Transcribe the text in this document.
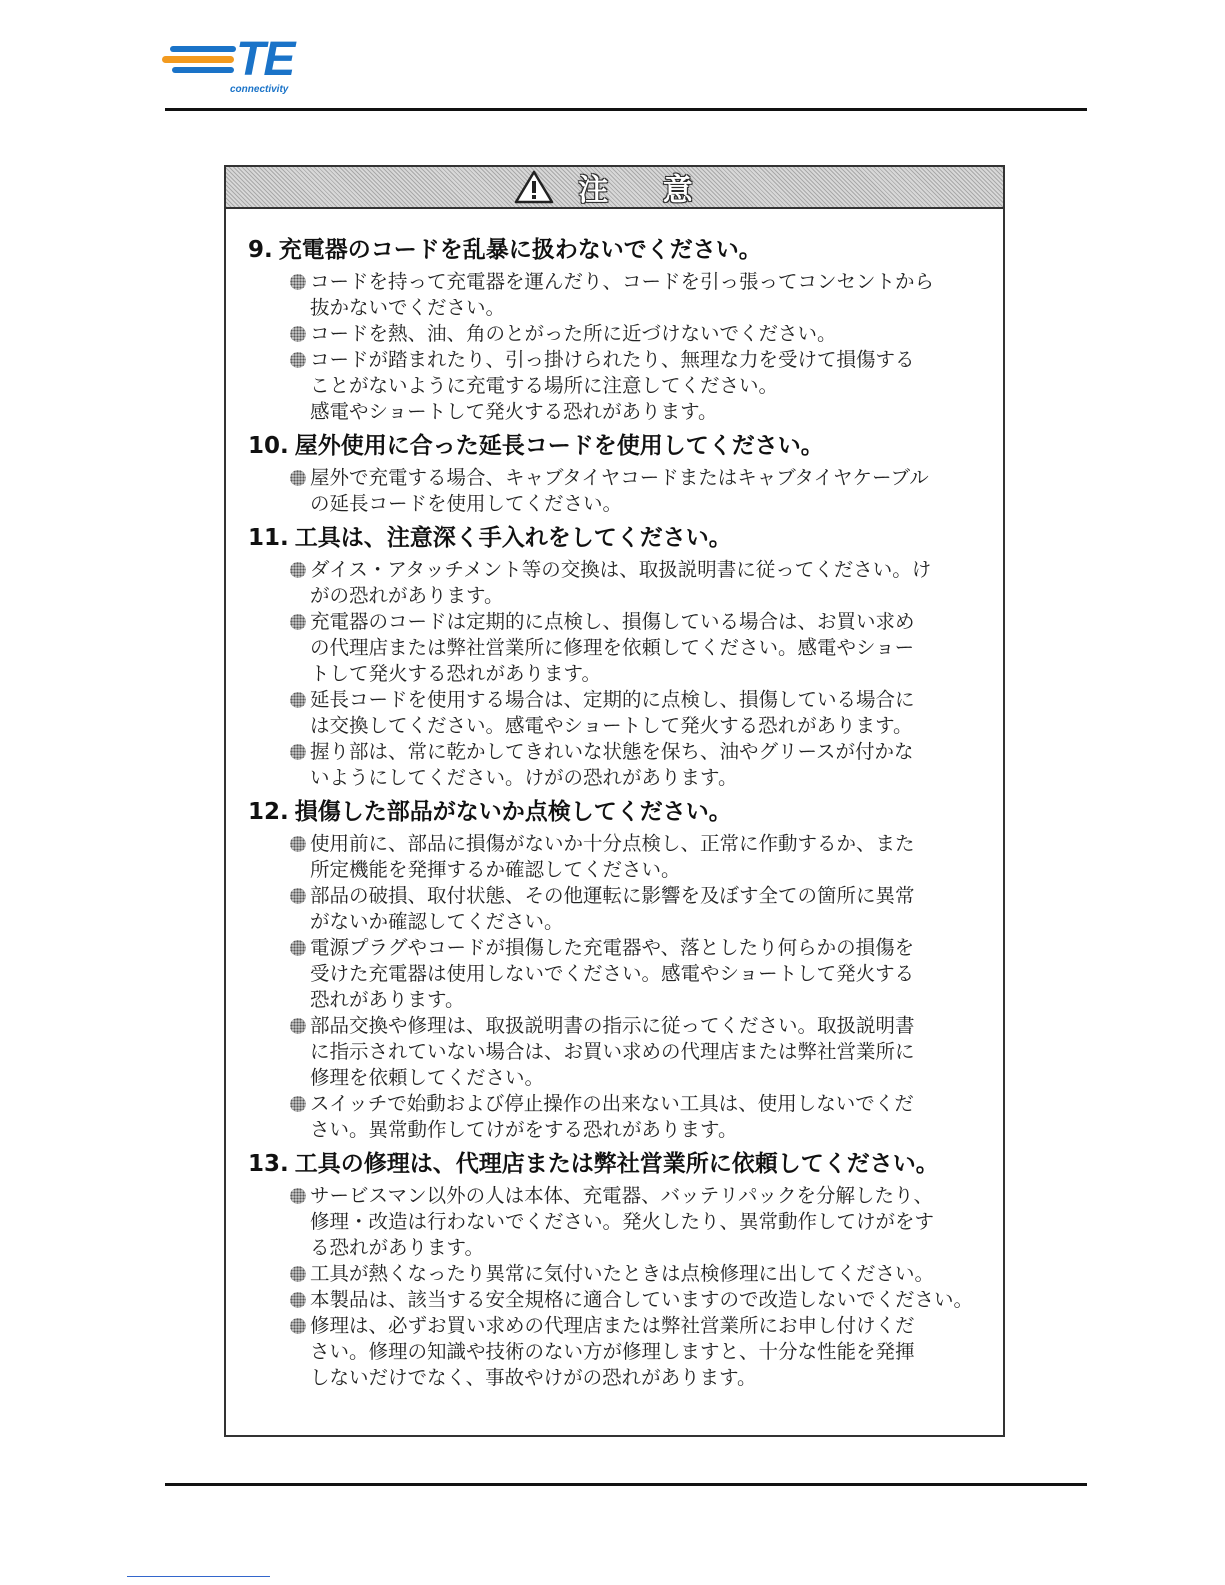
TE
connectivity
注 意
9. 充電器のコードを乱暴に扱わないでください。
コードを持って充電器を運んだり、コードを引っ張ってコンセントから
抜かないでください。
コードを熱、油、角のとがった所に近づけないでください。
コードが踏まれたり、引っ掛けられたり、無理な力を受けて損傷する
ことがないように充電する場所に注意してください。
感電やショートして発火する恐れがあります。
10. 屋外使用に合った延長コードを使用してください。
屋外で充電する場合、キャブタイヤコードまたはキャブタイヤケーブル
の延長コードを使用してください。
11. 工具は、注意深く手入れをしてください。
ダイス・アタッチメント等の交換は、取扱説明書に従ってください。け
がの恐れがあります。
充電器のコードは定期的に点検し、損傷している場合は、お買い求め
の代理店または弊社営業所に修理を依頼してください。感電やショー
トして発火する恐れがあります。
延長コードを使用する場合は、定期的に点検し、損傷している場合に
は交換してください。感電やショートして発火する恐れがあります。
握り部は、常に乾かしてきれいな状態を保ち、油やグリースが付かな
いようにしてください。けがの恐れがあります。
12. 損傷した部品がないか点検してください。
使用前に、部品に損傷がないか十分点検し、正常に作動するか、また
所定機能を発揮するか確認してください。
部品の破損、取付状態、その他運転に影響を及ぼす全ての箇所に異常
がないか確認してください。
電源プラグやコードが損傷した充電器や、落としたり何らかの損傷を
受けた充電器は使用しないでください。感電やショートして発火する
恐れがあります。
部品交換や修理は、取扱説明書の指示に従ってください。取扱説明書
に指示されていない場合は、お買い求めの代理店または弊社営業所に
修理を依頼してください。
スイッチで始動および停止操作の出来ない工具は、使用しないでくだ
さい。異常動作してけがをする恐れがあります。
13. 工具の修理は、代理店または弊社営業所に依頼してください。
サービスマン以外の人は本体、充電器、バッテリパックを分解したり、
修理・改造は行わないでください。発火したり、異常動作してけがをす
る恐れがあります。
工具が熱くなったり異常に気付いたときは点検修理に出してください。
本製品は、該当する安全規格に適合していますので改造しないでください。
修理は、必ずお買い求めの代理店または弊社営業所にお申し付けくだ
さい。修理の知識や技術のない方が修理しますと、十分な性能を発揮
しないだけでなく、事故やけがの恐れがあります。
